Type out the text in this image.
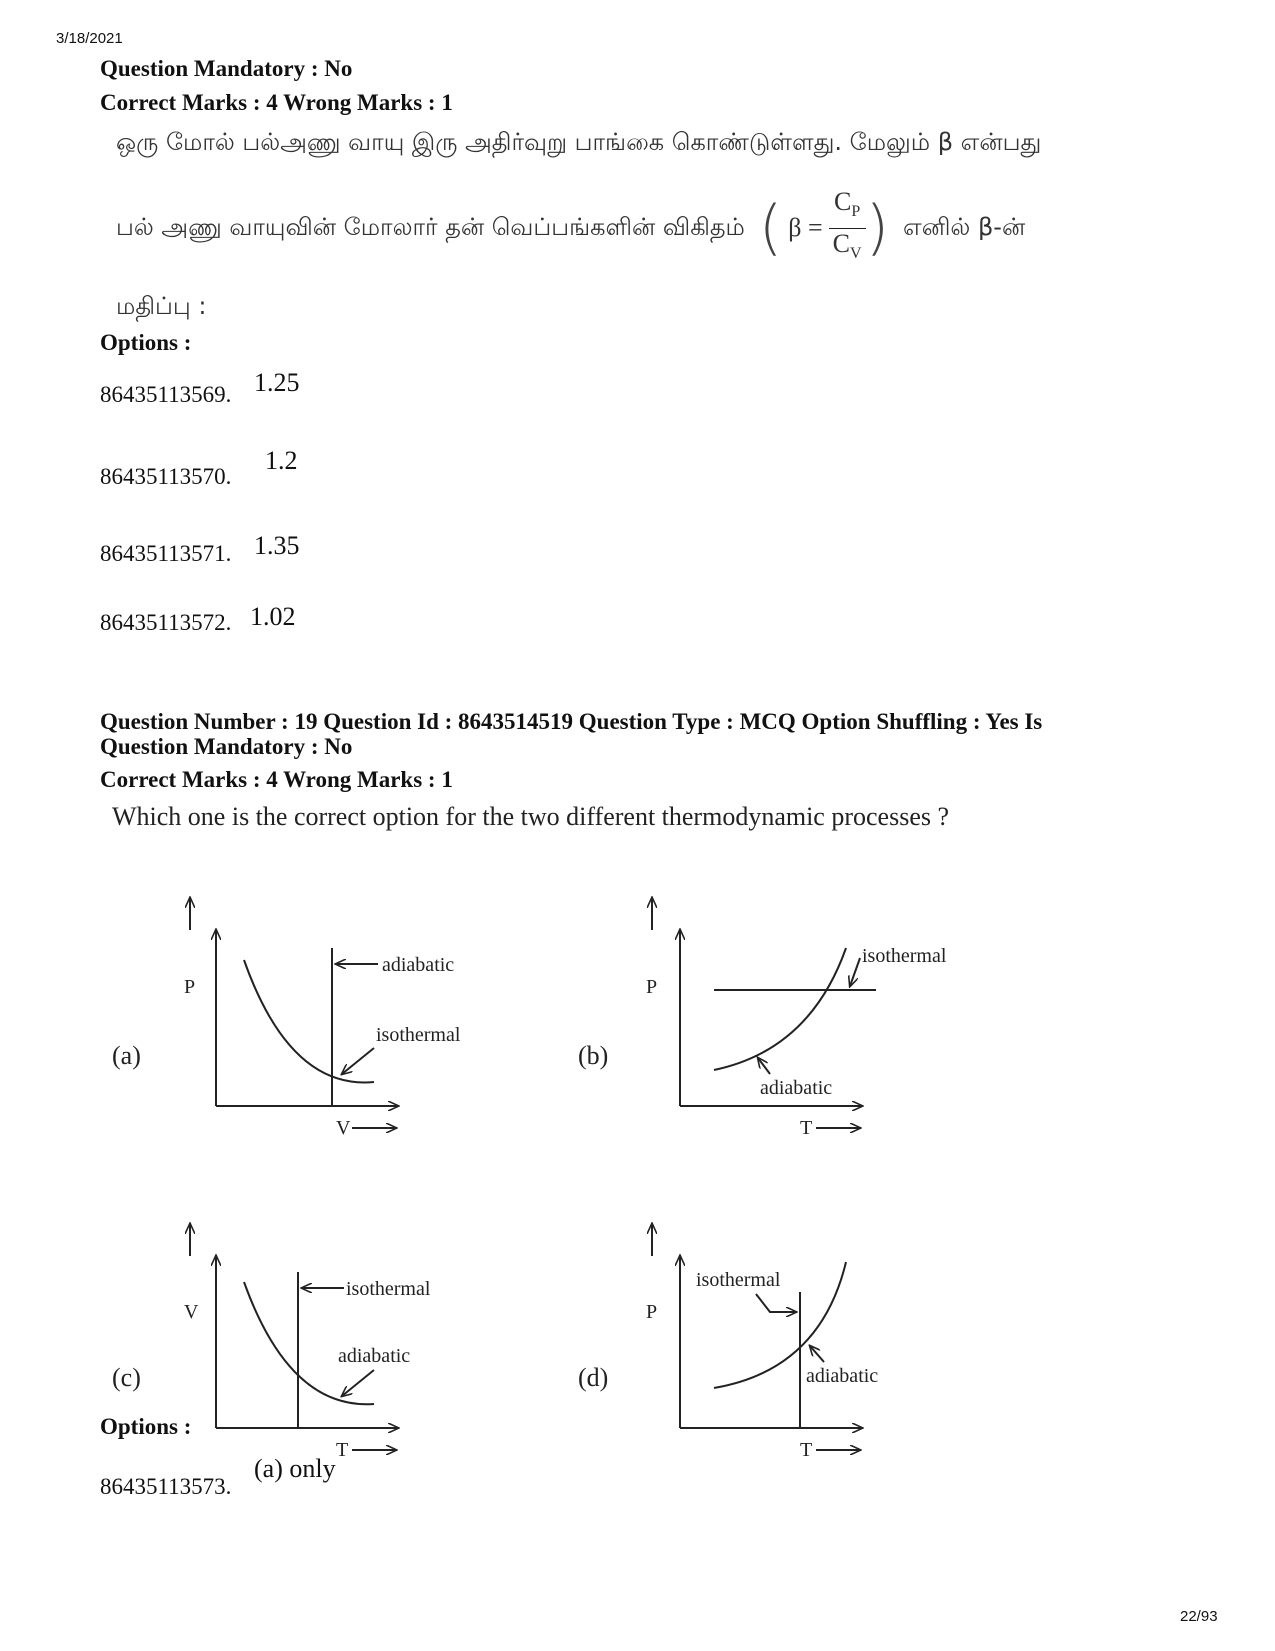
3/18/2021
22/93
Question Mandatory : No
Correct Marks : 4 Wrong Marks : 1
ஒரு மோல் பல்அணு வாயு இரு அதிர்வுறு பாங்கை கொண்டுள்ளது. மேலும் β என்பது
பல் அணு வாயுவின் மோலார் தன் வெப்பங்களின் விகிதம் ( $\beta = \frac{C_P}{C_V}$ ) எனில் β-ன்
மதிப்பு :
Options :
86435113569. 1.25
86435113570.
1.2
86435113571. 1.35
86435113572. 1.02
Question Number : 19 Question Id : 8643514519 Question Type : MCQ Option Shuffling : Yes Is
Question Mandatory : No
Correct Marks : 4 Wrong Marks : 1
Which one is the correct option for the two different thermodynamic processes ?
(a)
P
V
adiabatic
isothermal
(b)
P
T
isothermal
adiabatic
(c)
V
T
isothermal
adiabatic
(d)
P
T
isothermal
adiabatic
Options :
86435113573.
(a) only
